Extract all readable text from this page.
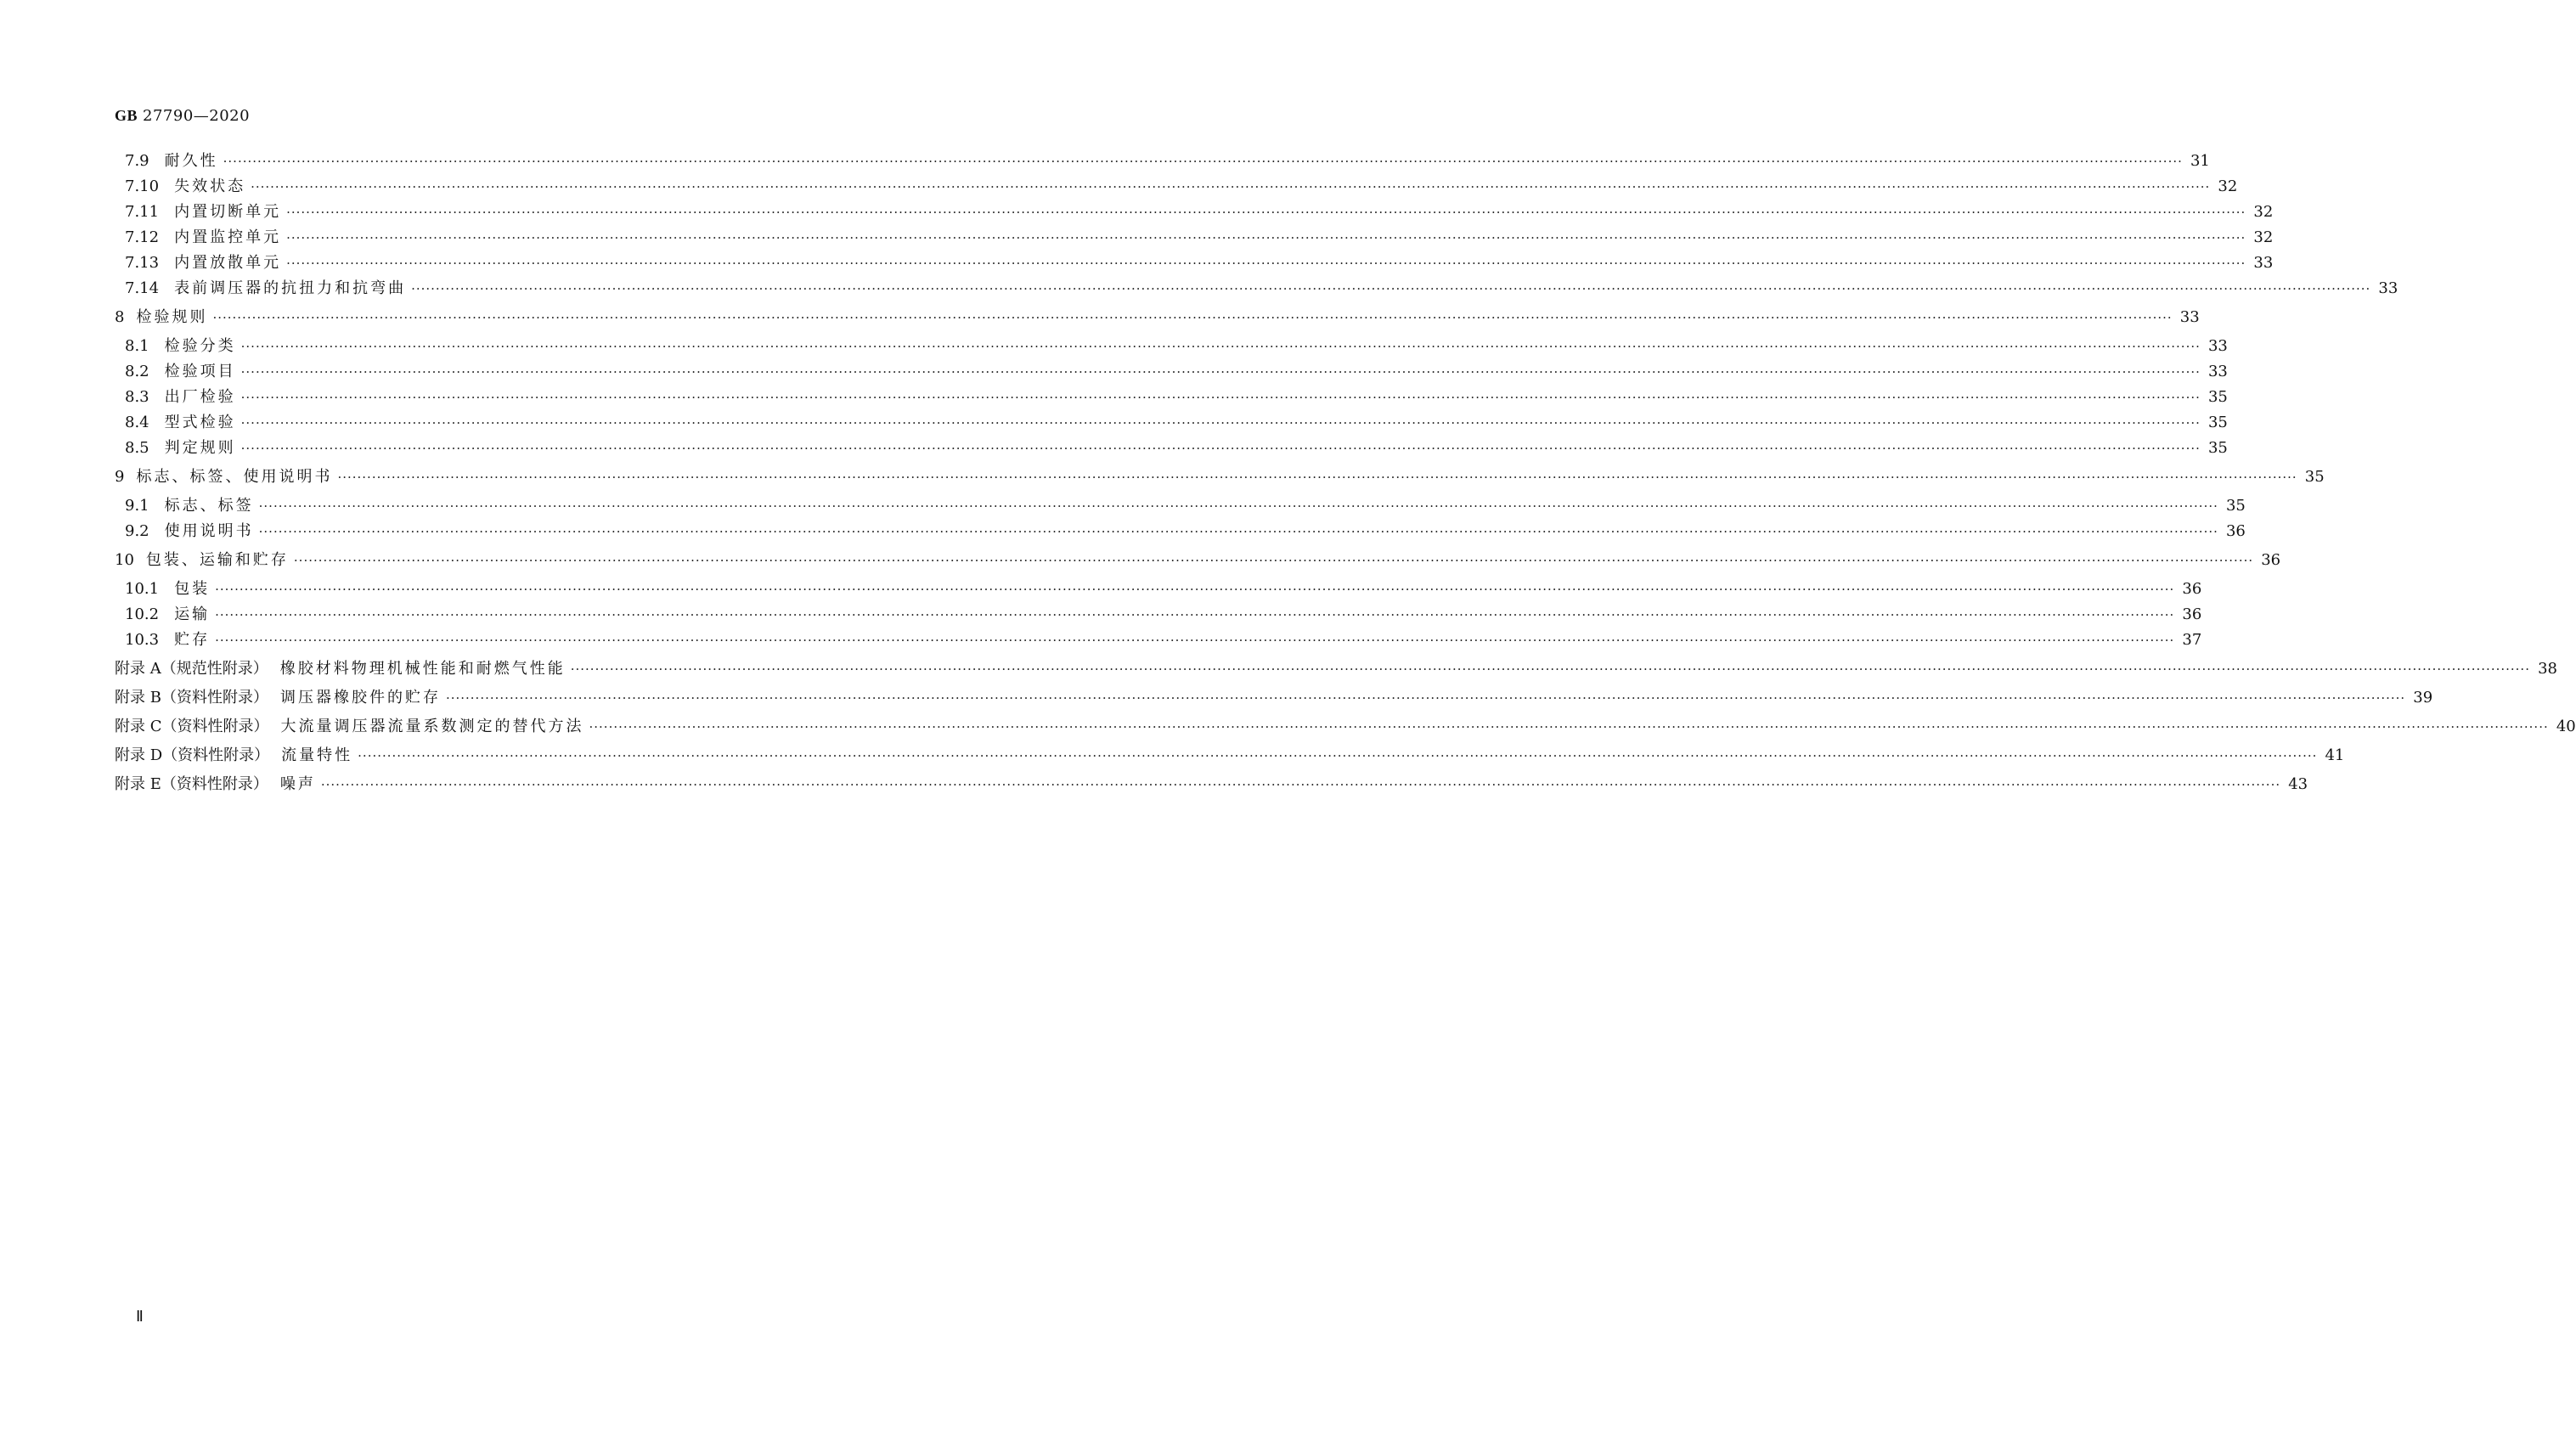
GB 27790—2020
7.9 耐久性 ················································································································································································································································································································································································································ 31
7.10 失效状态 ················································································································································································································································································································································································································ 32
7.11 内置切断单元 ················································································································································································································································································································································································································ 32
7.12 内置监控单元 ················································································································································································································································································································································································································ 32
7.13 内置放散单元 ················································································································································································································································································································································································································ 33
7.14 表前调压器的抗扭力和抗弯曲 ················································································································································································································································································································································································································ 33
8 检验规则 ················································································································································································································································································································································································································ 33
8.1 检验分类 ················································································································································································································································································································································································································ 33
8.2 检验项目 ················································································································································································································································································································································································································ 33
8.3 出厂检验 ················································································································································································································································································································································································································ 35
8.4 型式检验 ················································································································································································································································································································································································································ 35
8.5 判定规则 ················································································································································································································································································································································································································ 35
9 标志、标签、使用说明书 ················································································································································································································································································································································································································ 35
9.1 标志、标签 ················································································································································································································································································································································································································ 35
9.2 使用说明书 ················································································································································································································································································································································································································ 36
10 包装、运输和贮存 ················································································································································································································································································································································································································ 36
10.1 包装 ················································································································································································································································································································································································································ 36
10.2 运输 ················································································································································································································································································································································································································ 36
10.3 贮存 ················································································································································································································································································································································································································ 37
附录 A（规范性附录） 橡胶材料物理机械性能和耐燃气性能 ················································································································································································································································································································································································································ 38
附录 B（资料性附录） 调压器橡胶件的贮存 ················································································································································································································································································································································································································ 39
附录 C（资料性附录） 大流量调压器流量系数测定的替代方法 ················································································································································································································································································································································································································ 40
附录 D（资料性附录） 流量特性 ················································································································································································································································································································································································································ 41
附录 E（资料性附录） 噪声 ················································································································································································································································································································································································································ 43
Ⅱ
